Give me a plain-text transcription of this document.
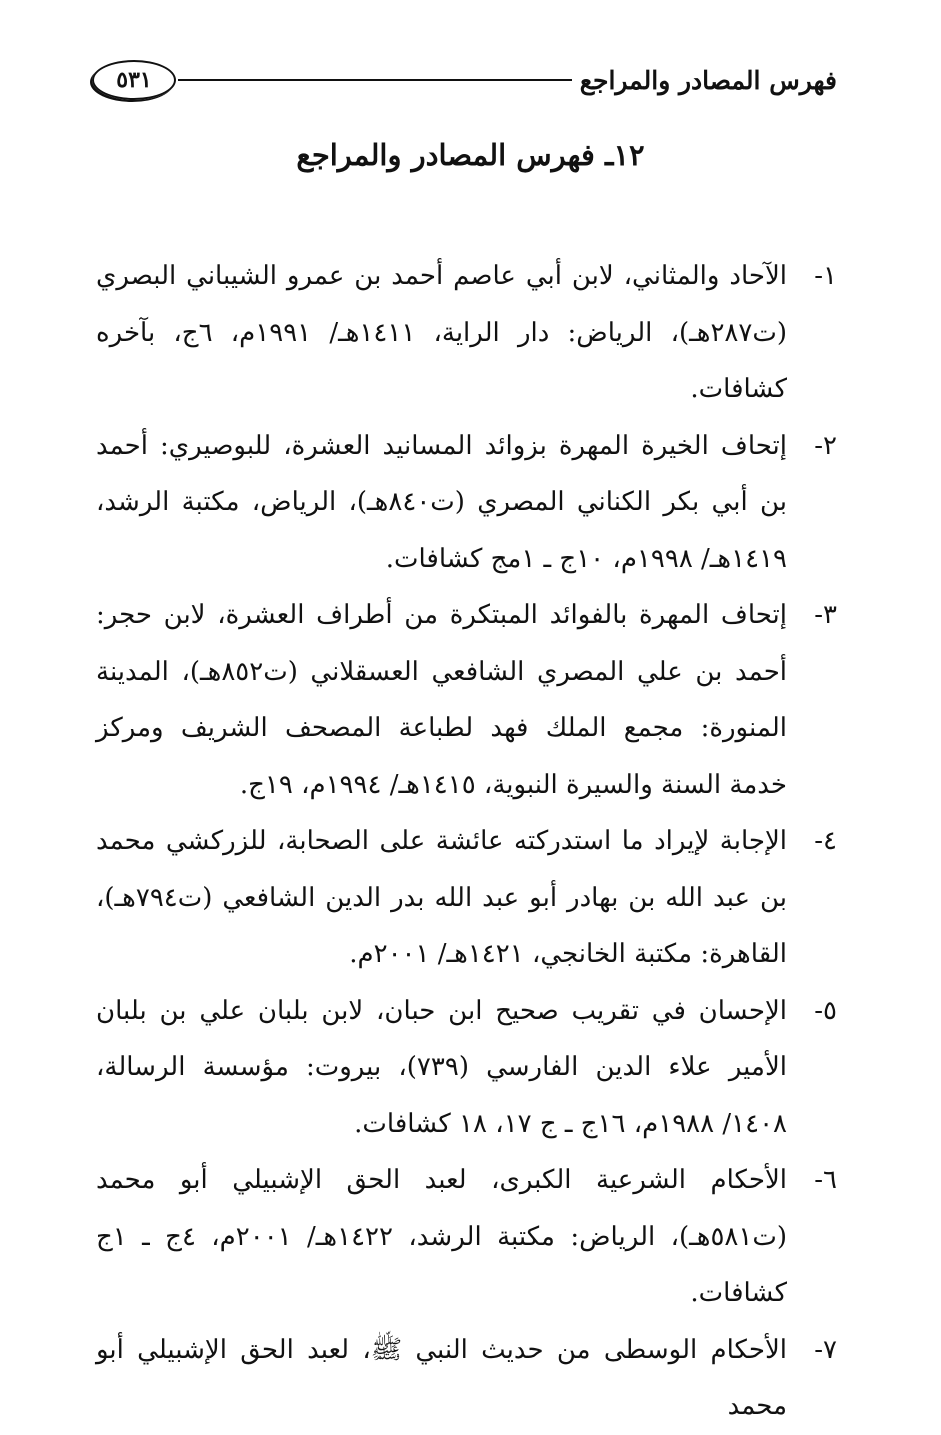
فهرس المصادر والمراجع
٥٣١
١٢ـ فهرس المصادر والمراجع
١-
الآحاد والمثاني، لابن أبي عاصم أحمد بن عمرو الشيباني البصري (ت٢٨٧هـ)، الرياض: دار الراية، ١٤١١هـ/ ١٩٩١م، ٦ج، بآخره كشافات.
٢-
إتحاف الخيرة المهرة بزوائد المسانيد العشرة، للبوصيري: أحمد بن أبي بكر الكناني المصري (ت٨٤٠هـ)، الرياض، مكتبة الرشد، ١٤١٩هـ/ ١٩٩٨م، ١٠ج ـ ١مج كشافات.
٣-
إتحاف المهرة بالفوائد المبتكرة من أطراف العشرة، لابن حجر: أحمد بن علي المصري الشافعي العسقلاني (ت٨٥٢هـ)، المدينة المنورة: مجمع الملك فهد لطباعة المصحف الشريف ومركز خدمة السنة والسيرة النبوية، ١٤١٥هـ/ ١٩٩٤م، ١٩ج.
٤-
الإجابة لإيراد ما استدركته عائشة على الصحابة، للزركشي محمد بن عبد الله بن بهادر أبو عبد الله بدر الدين الشافعي (ت٧٩٤هـ)، القاهرة: مكتبة الخانجي، ١٤٢١هـ/ ٢٠٠١م.
٥-
الإحسان في تقريب صحيح ابن حبان، لابن بلبان علي بن بلبان الأمير علاء الدين الفارسي (٧٣٩)، بيروت: مؤسسة الرسالة، ١٤٠٨/ ١٩٨٨م، ١٦ج ـ ج ١٧، ١٨ كشافات.
٦-
الأحكام الشرعية الكبرى، لعبد الحق الإشبيلي أبو محمد (ت٥٨١هـ)، الرياض: مكتبة الرشد، ١٤٢٢هـ/ ٢٠٠١م، ٤ج ـ ١ج كشافات.
٧-
الأحكام الوسطى من حديث النبي ﷺ، لعبد الحق الإشبيلي أبو محمد
